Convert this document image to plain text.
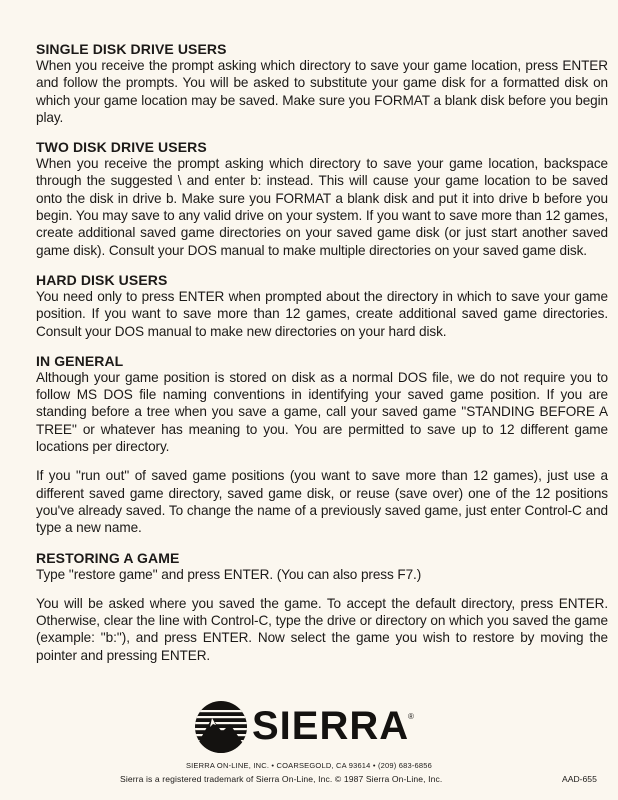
SINGLE DISK DRIVE USERS

When you receive the prompt asking which directory to save your game location, press ENTER and follow the prompts. You will be asked to substitute your game disk for a formatted disk on which your game location may be saved. Make sure you FORMAT a blank disk before you begin play.

TWO DISK DRIVE USERS

When you receive the prompt asking which directory to save your game location, backspace through the suggested \ and enter b: instead. This will cause your game location to be saved onto the disk in drive b. Make sure you FORMAT a blank disk and put it into drive b before you begin. You may save to any valid drive on your system. If you want to save more than 12 games, create additional saved game directories on your saved game disk (or just start another saved game disk). Consult your DOS manual to make multiple directories on your saved game disk.

HARD DISK USERS

You need only to press ENTER when prompted about the directory in which to save your game position. If you want to save more than 12 games, create additional saved game directories. Consult your DOS manual to make new directories on your hard disk.

IN GENERAL

Although your game position is stored on disk as a normal DOS file, we do not require you to follow MS DOS file naming conventions in identifying your saved game position. If you are standing before a tree when you save a game, call your saved game ''STANDING BEFORE A TREE'' or whatever has meaning to you. You are permitted to save up to 12 different game locations per directory.

If you ''run out'' of saved game positions (you want to save more than 12 games), just use a different saved game directory, saved game disk, or reuse (save over) one of the 12 positions you've already saved. To change the name of a previously saved game, just enter Control-C and type a new name.

RESTORING A GAME

Type ''restore game'' and press ENTER. (You can also press F7.)

You will be asked where you saved the game. To accept the default directory, press ENTER. Otherwise, clear the line with Control-C, type the drive or directory on which you saved the game (example: ''b:''), and press ENTER. Now select the game you wish to restore by moving the pointer and pressing ENTER.

SIERRA
®
SIERRA ON-LINE, INC. • COARSEGOLD, CA 93614 • (209) 683-6856
Sierra is a registered trademark of Sierra On-Line, Inc. © 1987 Sierra On-Line, Inc.	AAD-655
